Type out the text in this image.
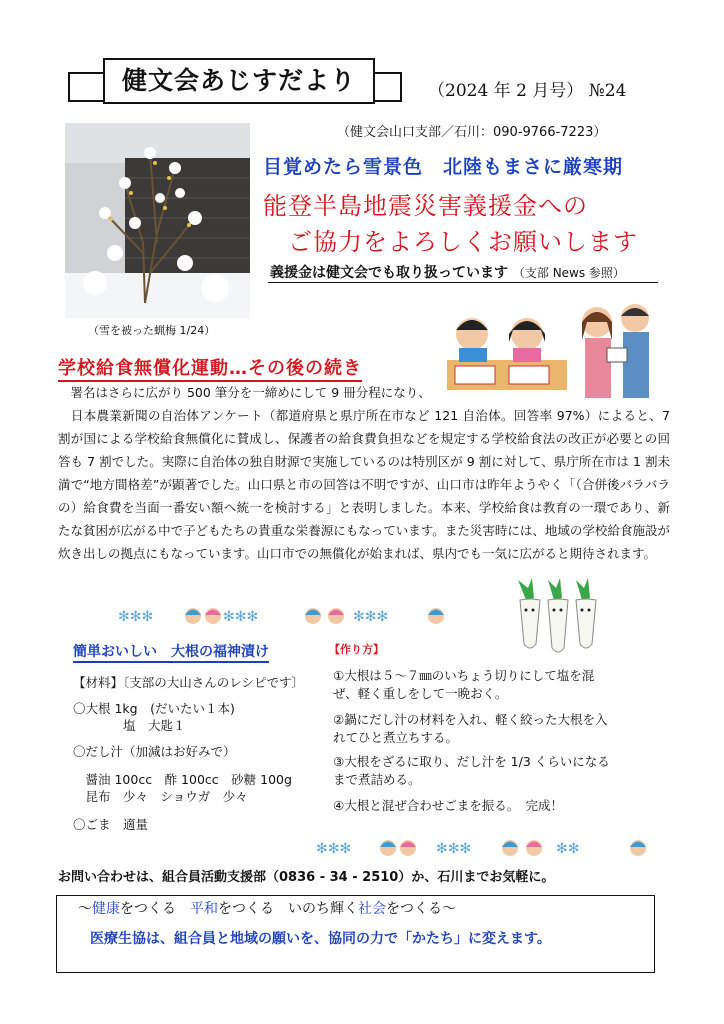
健文会あじすだより	（2024 年 2 月号） №24
（健文会山口支部／石川：090-9766-7223）
（雪を被った蝋梅 1/24）
目覚めたら雪景色　北陸もまさに厳寒期
能登半島地震災害義援金への
ご協力をよろしくお願いします
義援金は健文会でも取り扱っています （支部 News 参照）
学校給食無償化運動…その後の続き
　署名はさらに広がり 500 筆分を一締めにして 9 冊分程になり、
　日本農業新聞の自治体アンケート（都道府県と県庁所在市など 121 自治体。回答率 97%）によると、7 割が国による学校給食無償化に賛成し、保護者の給食費負担などを規定する学校給食法の改正が必要との回答も 7 割でした。実際に自治体の独自財源で実施しているのは特別区が 9 割に対して、県庁所在市は 1 割未満で“地方間格差”が顕著でした。山口県と市の回答は不明ですが、山口市は昨年ようやく「（合併後バラバラの）給食費を当面一番安い額へ統一を検討する」と表明しました。本来、学校給食は教育の一環であり、新たな貧困が広がる中で子どもたちの貴重な栄養源にもなっています。また災害時には、地域の学校給食施設が炊き出しの拠点にもなっています。山口市での無償化が始まれば、県内でも一気に広がると期待されます。
✻✻✻	✻✻✻	✻✻✻
簡単おいしい　大根の福神漬け
【材料】〔支部の大山さんのレシピです〕
〇大根 1kg　(だいたい１本)
　　　　塩　大匙１
〇だし汁（加減はお好みで）
　醤油 100cc　酢 100cc　砂糖 100g
　昆布　少々　ショウガ　少々
〇ごま　適量
【作り方】
①大根は５～７㎜のいちょう切りにして塩を混ぜ、軽く重しをして一晩おく。
②鍋にだし汁の材料を入れ、軽く絞った大根を入れてひと煮立ちする。
③大根をざるに取り、だし汁を 1/3 くらいになるまで煮詰める。
④大根と混ぜ合わせごまを振る。　完成！
✻✻✻	✻✻✻	✻✻
お問い合わせは、組合員活動支援部（0836 - 34 - 2510）か、石川までお気軽に。
～健康をつくる　平和をつくる　いのち輝く社会をつくる～
医療生協は、組合員と地域の願いを、協同の力で「かたち」に変えます。
